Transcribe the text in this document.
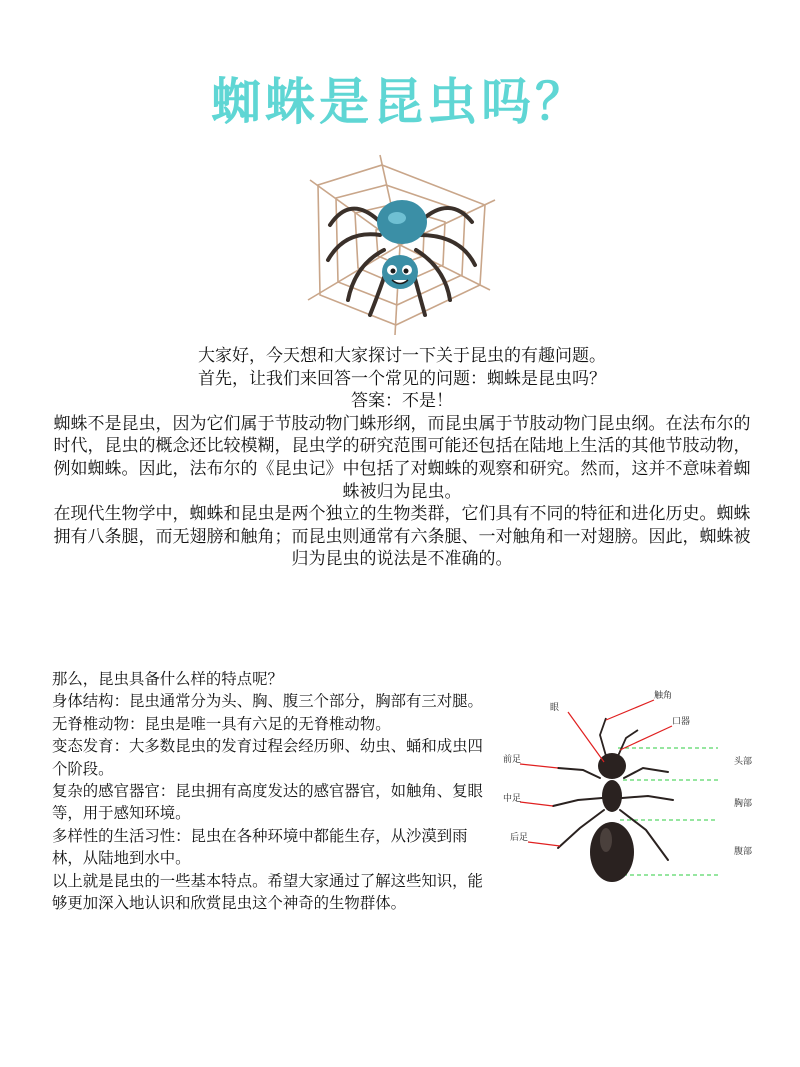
蜘蛛是昆虫吗？

大家好，今天想和大家探讨一下关于昆虫的有趣问题。

首先，让我们来回答一个常见的问题：蜘蛛是昆虫吗？

答案：不是！

蜘蛛不是昆虫，因为它们属于节肢动物门蛛形纲，而昆虫属于节肢动物门昆虫纲。在法布尔的时代，昆虫的概念还比较模糊，昆虫学的研究范围可能还包括在陆地上生活的其他节肢动物，例如蜘蛛。因此，法布尔的《昆虫记》中包括了对蜘蛛的观察和研究。然而，这并不意味着蜘蛛被归为昆虫。

在现代生物学中，蜘蛛和昆虫是两个独立的生物类群，它们具有不同的特征和进化历史。蜘蛛拥有八条腿，而无翅膀和触角；而昆虫则通常有六条腿、一对触角和一对翅膀。因此，蜘蛛被归为昆虫的说法是不准确的。

那么，昆虫具备什么样的特点呢？

身体结构：昆虫通常分为头、胸、腹三个部分，胸部有三对腿。

无脊椎动物：昆虫是唯一具有六足的无脊椎动物。

变态发育：大多数昆虫的发育过程会经历卵、幼虫、蛹和成虫四个阶段。

复杂的感官器官：昆虫拥有高度发达的感官器官，如触角、复眼等，用于感知环境。

多样性的生活习性：昆虫在各种环境中都能生存，从沙漠到雨林，从陆地到水中。

以上就是昆虫的一些基本特点。希望大家通过了解这些知识，能够更加深入地认识和欣赏昆虫这个神奇的生物群体。

眼
触角
口器
前足
中足
后足
头部
胸部
腹部
